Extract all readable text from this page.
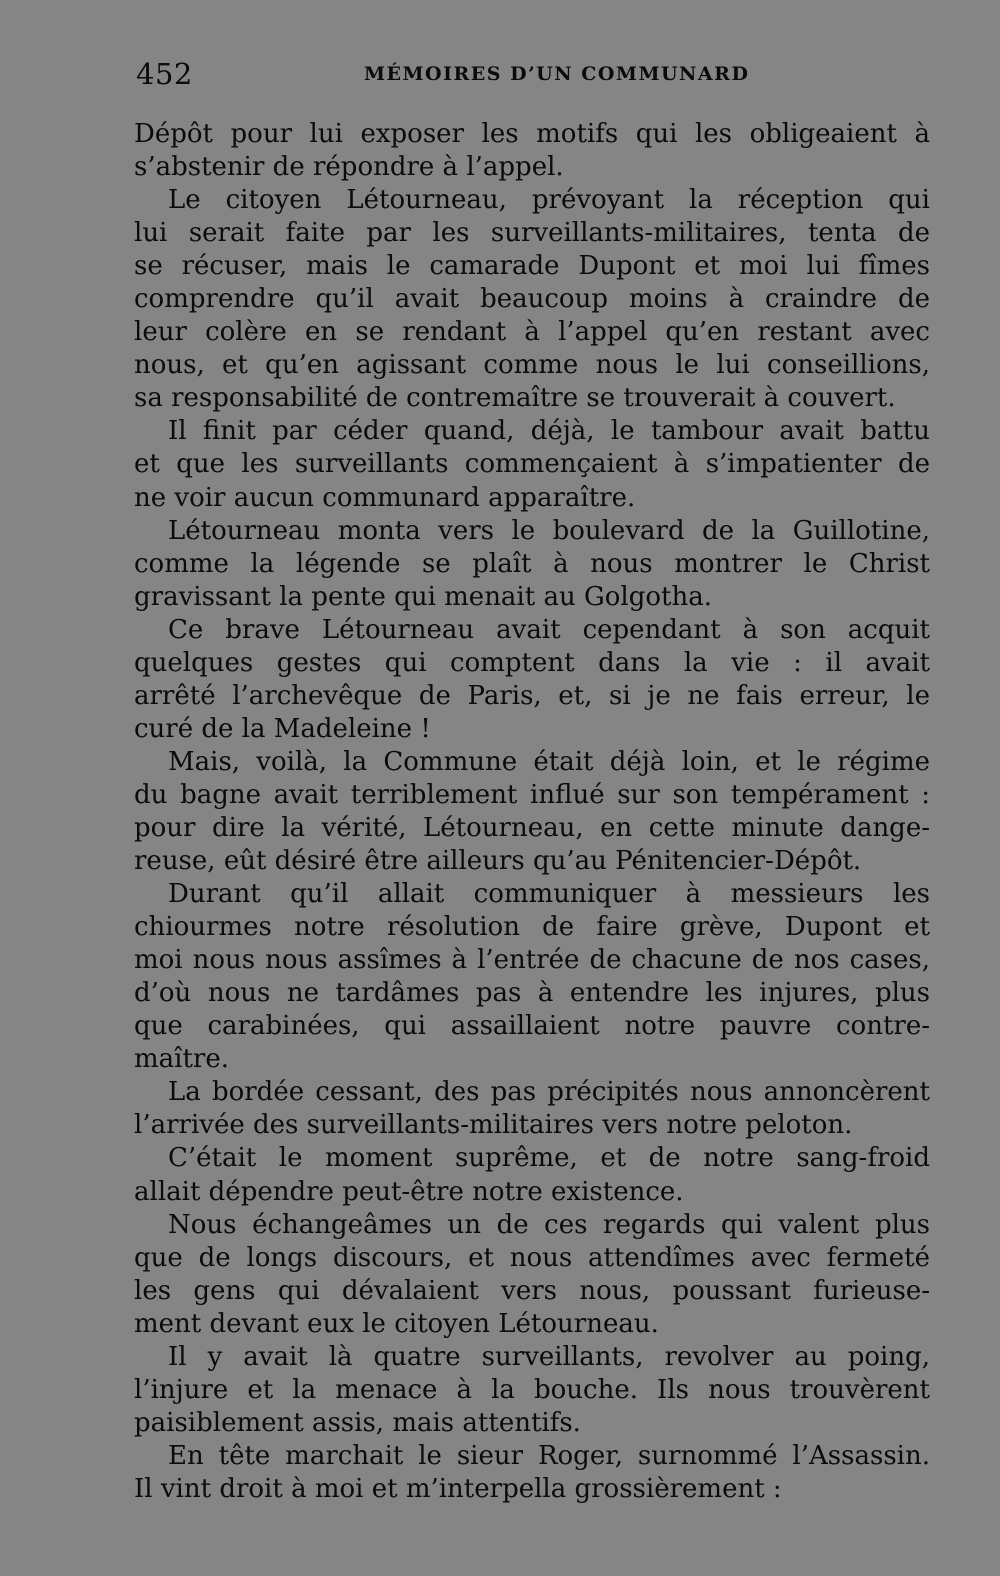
452	MÉMOIRES D’UN COMMUNARD
Dépôt pour lui exposer les motifs qui les obligeaient à
s’abstenir de répondre à l’appel.
Le citoyen Létourneau, prévoyant la réception qui
lui serait faite par les surveillants-militaires, tenta de
se récuser, mais le camarade Dupont et moi lui fîmes
comprendre qu’il avait beaucoup moins à craindre de
leur colère en se rendant à l’appel qu’en restant avec
nous, et qu’en agissant comme nous le lui conseillions,
sa responsabilité de contremaître se trouverait à couvert.
Il finit par céder quand, déjà, le tambour avait battu
et que les surveillants commençaient à s’impatienter de
ne voir aucun communard apparaître.
Létourneau monta vers le boulevard de la Guillotine,
comme la légende se plaît à nous montrer le Christ
gravissant la pente qui menait au Golgotha.
Ce brave Létourneau avait cependant à son acquit
quelques gestes qui comptent dans la vie : il avait
arrêté l’archevêque de Paris, et, si je ne fais erreur, le
curé de la Madeleine !
Mais, voilà, la Commune était déjà loin, et le régime
du bagne avait terriblement influé sur son tempérament :
pour dire la vérité, Létourneau, en cette minute dange-
reuse, eût désiré être ailleurs qu’au Pénitencier-Dépôt.
Durant qu’il allait communiquer à messieurs les
chiourmes notre résolution de faire grève, Dupont et
moi nous nous assîmes à l’entrée de chacune de nos cases,
d’où nous ne tardâmes pas à entendre les injures, plus
que carabinées, qui assaillaient notre pauvre contre-
maître.
La bordée cessant, des pas précipités nous annoncèrent
l’arrivée des surveillants-militaires vers notre peloton.
C’était le moment suprême, et de notre sang-froid
allait dépendre peut-être notre existence.
Nous échangeâmes un de ces regards qui valent plus
que de longs discours, et nous attendîmes avec fermeté
les gens qui dévalaient vers nous, poussant furieuse-
ment devant eux le citoyen Létourneau.
Il y avait là quatre surveillants, revolver au poing,
l’injure et la menace à la bouche. Ils nous trouvèrent
paisiblement assis, mais attentifs.
En tête marchait le sieur Roger, surnommé l’Assassin.
Il vint droit à moi et m’interpella grossièrement :
